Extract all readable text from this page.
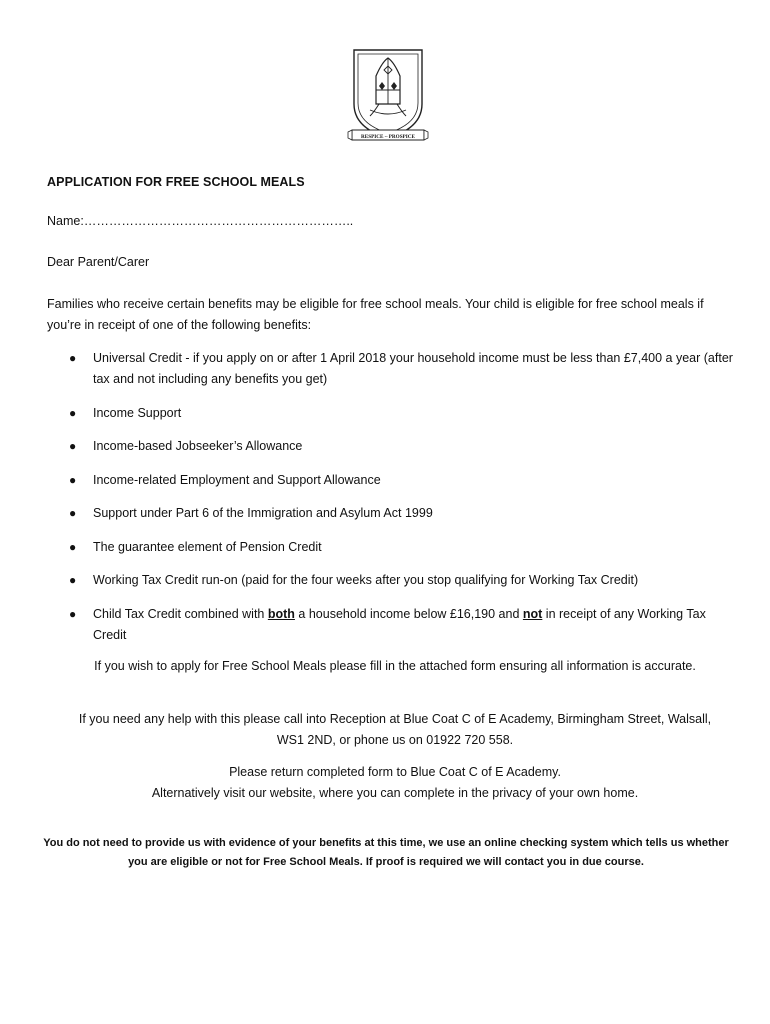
RESPICE ~ PROSPICE
APPLICATION FOR FREE SCHOOL MEALS
Name:………………………………………………………..
Dear Parent/Carer
Families who receive certain benefits may be eligible for free school meals. Your child is eligible for free school meals if you’re in receipt of one of the following benefits:
● Universal Credit - if you apply on or after 1 April 2018 your household income must be less than £7,400 a year (after tax and not including any benefits you get)
● Income Support
● Income-based Jobseeker’s Allowance
● Income-related Employment and Support Allowance
● Support under Part 6 of the Immigration and Asylum Act 1999
● The guarantee element of Pension Credit
● Working Tax Credit run-on (paid for the four weeks after you stop qualifying for Working Tax Credit)
● Child Tax Credit combined with both a household income below £16,190 and not in receipt of any Working Tax Credit
If you wish to apply for Free School Meals please fill in the attached form ensuring all information is accurate.
If you need any help with this please call into Reception at Blue Coat C of E Academy, Birmingham Street, Walsall, WS1 2ND, or phone us on 01922 720 558.
Please return completed form to Blue Coat C of E Academy.
Alternatively visit our website, where you can complete in the privacy of your own home.
You do not need to provide us with evidence of your benefits at this time, we use an online checking system which tells us whether you are eligible or not for Free School Meals. If proof is required we will contact you in due course.
